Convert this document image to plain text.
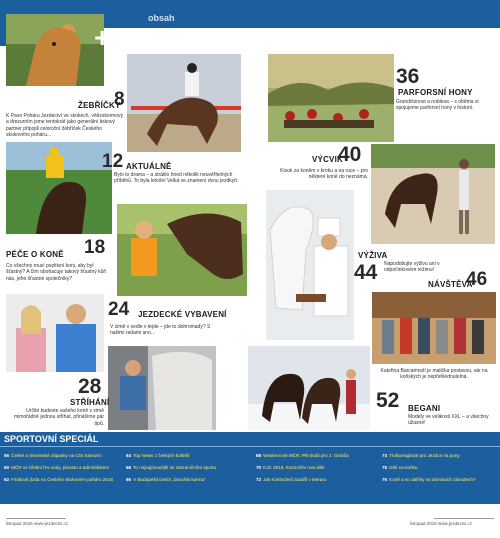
obsah
+ PLAKÁT
8
ŽEBŘÍČKY
K Pavo Poháru Jezdectví ve skokech, vítězstvomový a drezurním jsme tentokrát jako generální tiskový partner připojili celoroční žebříček Českého skokového poháru...
12 AKTUÁLNĚ
Bylo to drama – a stráklo hned několik neuvěřitelných příběhů. To byla letošní Velká ve znamení dvou jezdkyň.
36
PARFORSNÍ HONY
Grandióznost a noblesa – s oběma si spojujeme parforsní hony v historii.
40
VÝCVIK
Kisok za koněm v kroku a na ruce – pro některé koně do neznáma.
18
PÉČE O KONĚ
Co všechno musí pozitivní koni, aby byl šťastný? A čím obohacuje takový šťastný kůň nás, jeho šťastné společníky?
VÝŽIVA
44 Napodobujte výživu ani v odpočinkovém režimu!	46
NÁVŠTĚVA
Kateřina Barcamnolí je malička postavou, ale na koňských je nepřehlédnutelná.
24 JEZDECKÉ VYBAVENÍ
V zimě v sedle v teple – jde to dohromady? S našimi radami ano...
28
STŘÍHÁNÍ
Určité budeste vašeho koně v zimě mimořádně jednou stříhat, přinášíme pár tipů.
52 BEGANI
Modely ve velikosti XXL – a všechny úžasné!
SPORTOVNÍ SPECIÁL
56 České a slovenské zápasky na CSI Samorín
60 MČR ve hřební řev vody, plnosto a admirálístem
62 Finálová jízda na Českém skokovém poháru 2016
64 Top News z českých kolbišť
66 To nejzajímavější ze zahraničního sportu
66 V Budapešti Deilor „bouchla karma“
68 Westernové MČR: Pět titulů pro J. Omáča
70 EJC 2016, Kozochův mat alibi
72 Jak Kostochvil zazářil v Meraru
74 Trofiamsglorat pro Jezdce na pony
75 Dětí na koňku
76 Koně a so dalňky na domácích závodech?
listopad 2016 www.jezdectvi.cz	listopad 2016 www.jezdectvi.cz
